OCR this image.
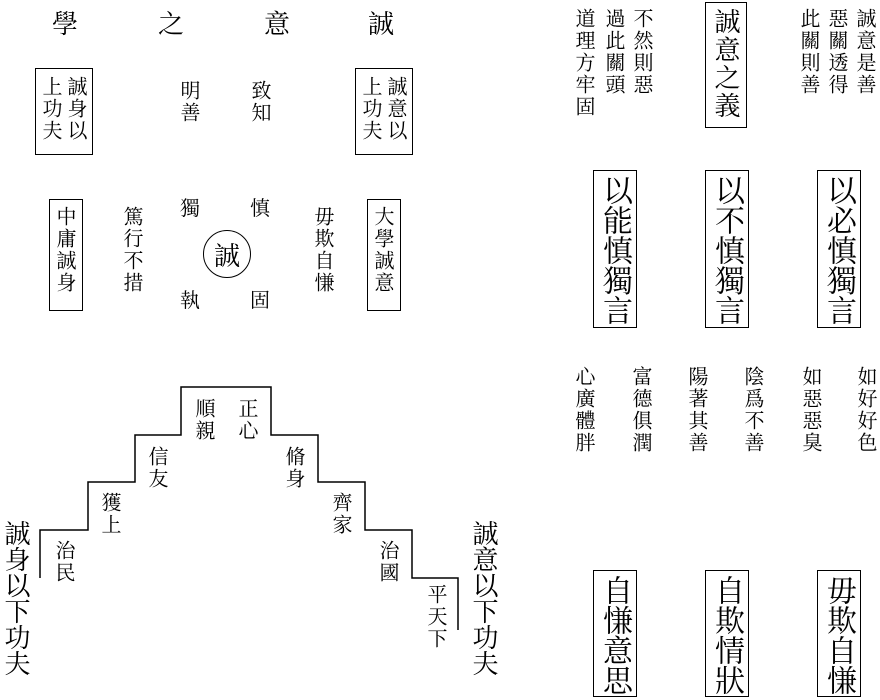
學	之	意	誠
誠身以
上功夫	誠意以
上功夫
明善 致知
中庸誠身	大學誠意
篤行不措	毋欺自慊
獨 慎
執 固
誠
正心
順親
信友
獲上
治民
脩身
齊家
治國
平天下
誠身以下功夫	誠意以下功夫
誠意是善
惡關透得
此關則善
誠意之義
不然則惡
過此關頭
道理方牢固
以必慎獨言
以不慎獨言
以能慎獨言
如好好色
如惡惡臭
陰爲不善
陽著其善
富德俱潤
心廣體胖
毋欺自慊
自欺情狀
自慊意思
